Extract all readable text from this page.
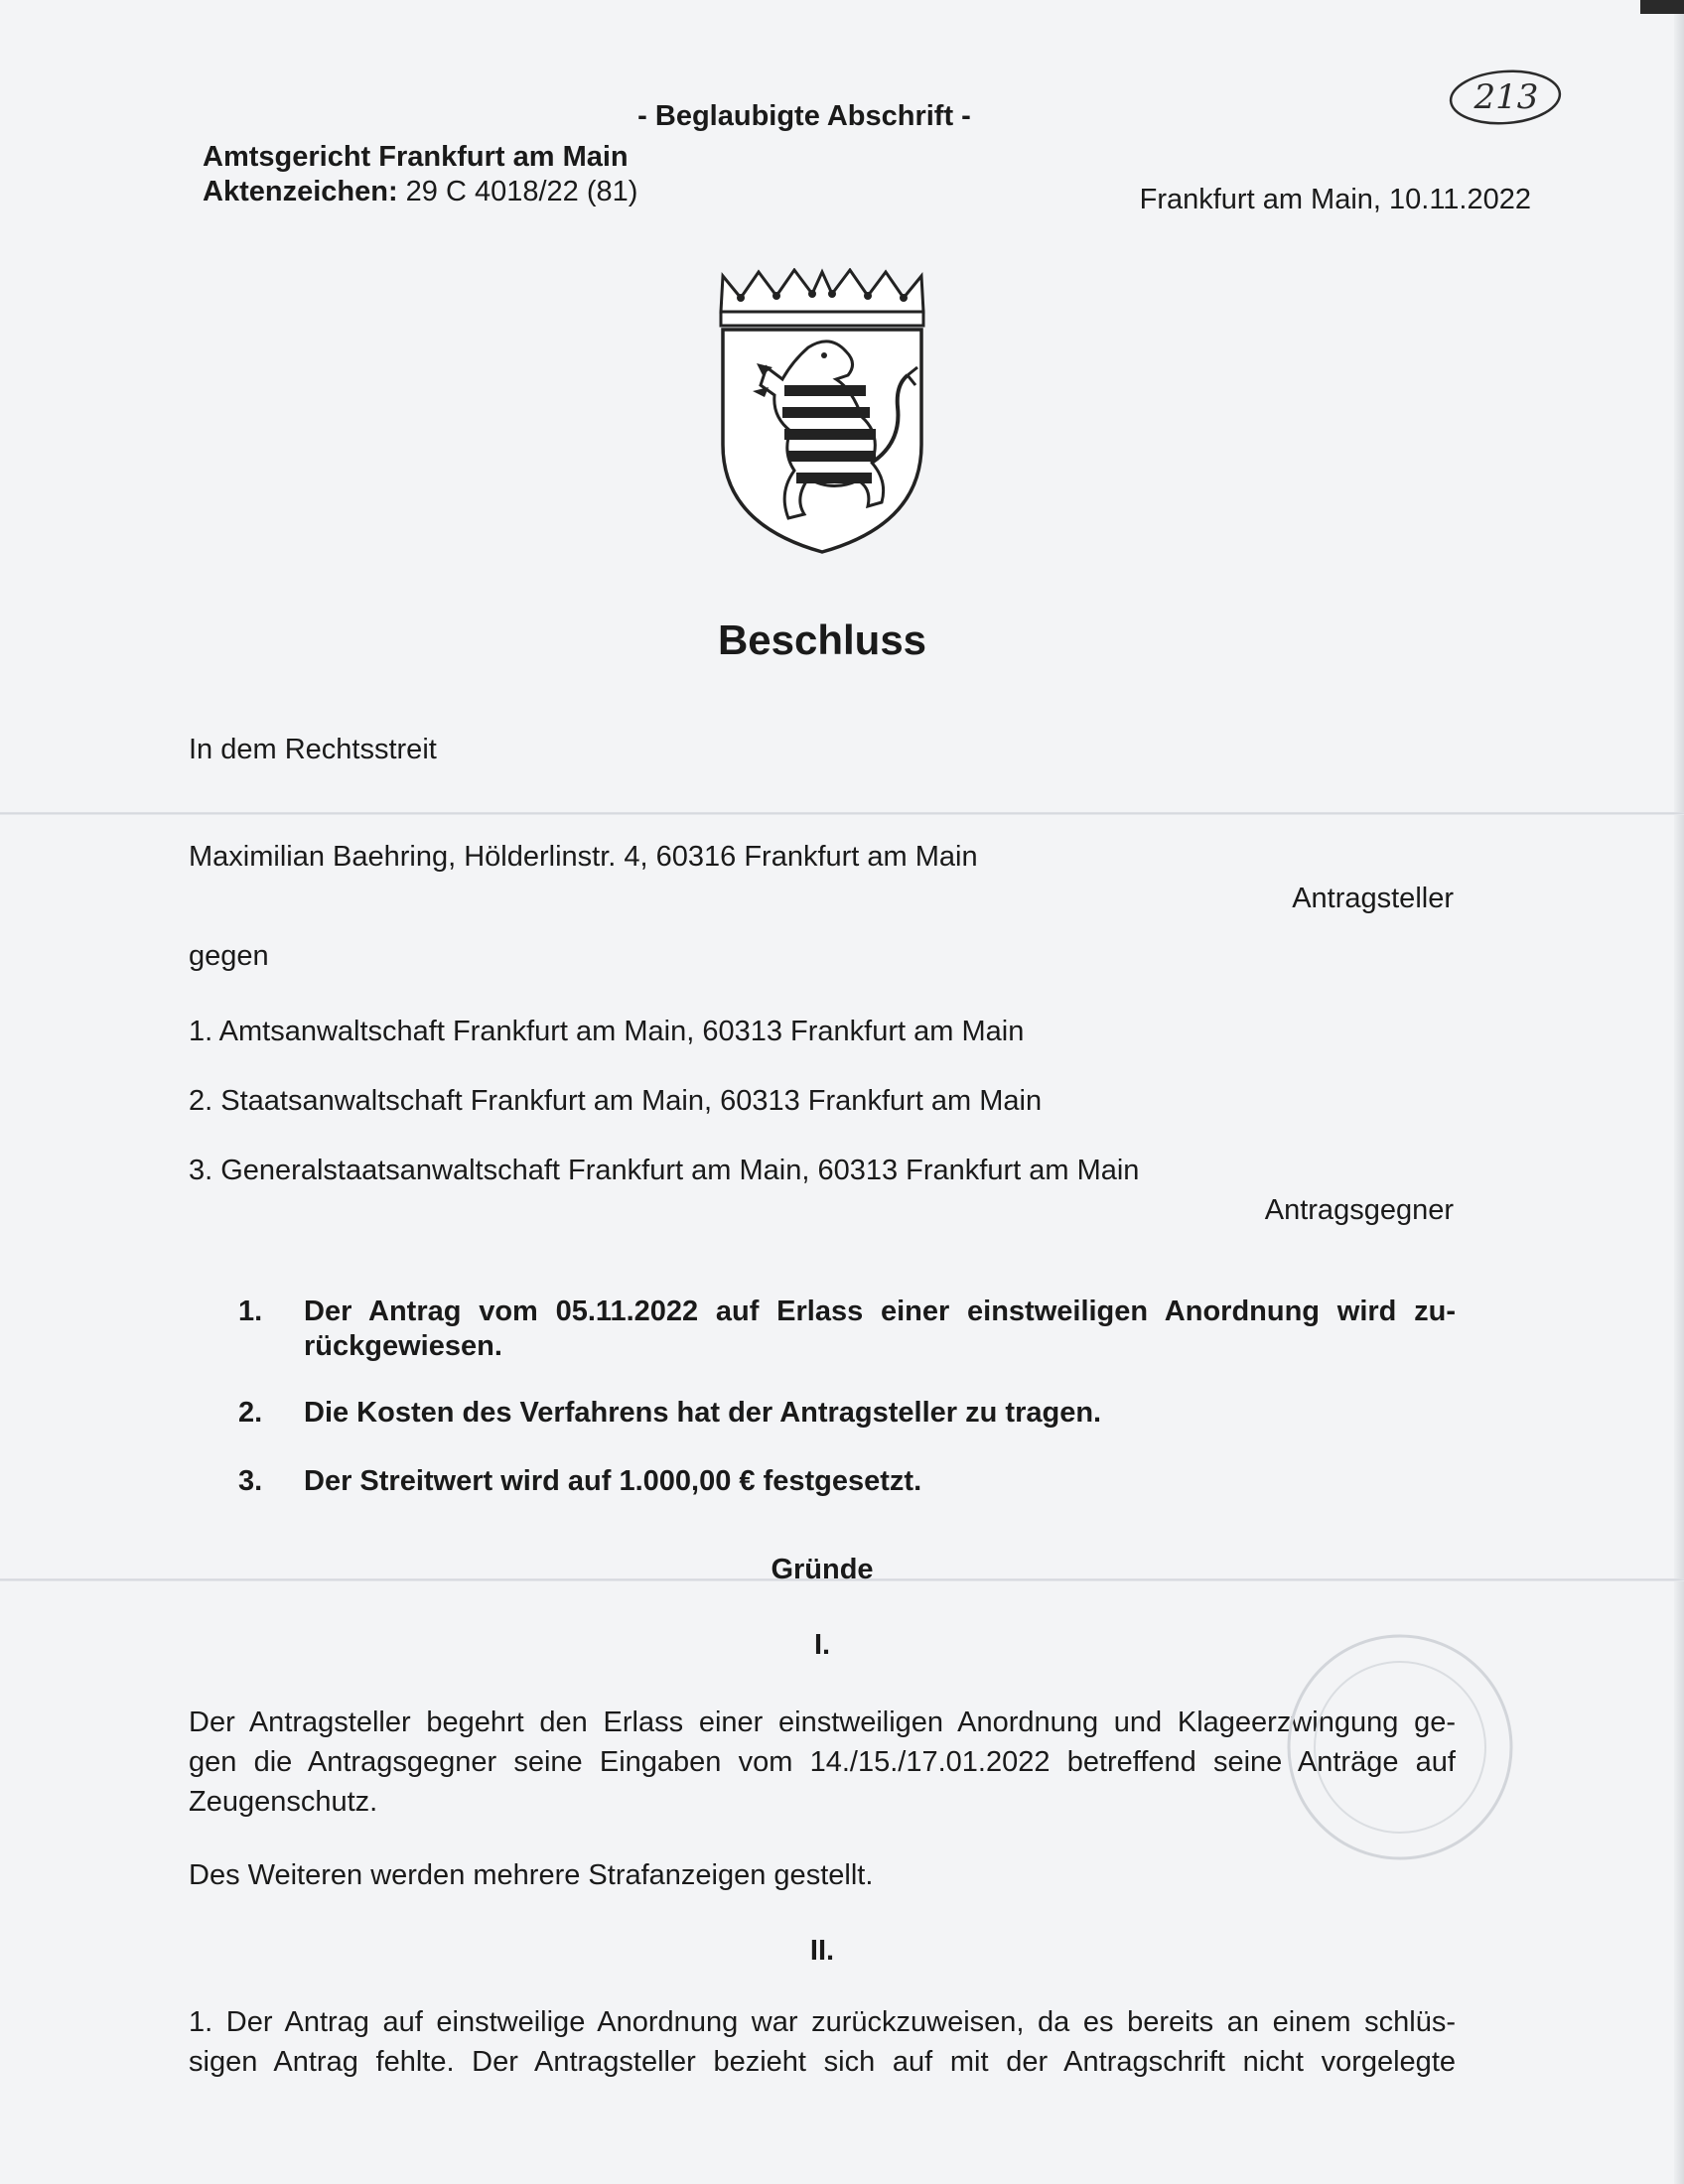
213
- Beglaubigte Abschrift -
Amtsgericht Frankfurt am Main
Aktenzeichen: 29 C 4018/22 (81)	Frankfurt am Main, 10.11.2022
Beschluss
In dem Rechtsstreit
Maximilian Baehring, Hölderlinstr. 4, 60316 Frankfurt am Main
Antragsteller
gegen
1. Amtsanwaltschaft Frankfurt am Main, 60313 Frankfurt am Main
2. Staatsanwaltschaft Frankfurt am Main, 60313 Frankfurt am Main
3. Generalstaatsanwaltschaft Frankfurt am Main, 60313 Frankfurt am Main
Antragsgegner
1. Der Antrag vom 05.11.2022 auf Erlass einer einstweiligen Anordnung wird zu-
rückgewiesen.
2. Die Kosten des Verfahrens hat der Antragsteller zu tragen.
3. Der Streitwert wird auf 1.000,00 € festgesetzt.
Gründe
I.
Der Antragsteller begehrt den Erlass einer einstweiligen Anordnung und Klageerzwingung ge-
gen die Antragsgegner seine Eingaben vom 14./15./17.01.2022 betreffend seine Anträge auf
Zeugenschutz.
Des Weiteren werden mehrere Strafanzeigen gestellt.
II.
1. Der Antrag auf einstweilige Anordnung war zurückzuweisen, da es bereits an einem schlüs-
sigen Antrag fehlte. Der Antragsteller bezieht sich auf mit der Antragschrift nicht vorgelegte
